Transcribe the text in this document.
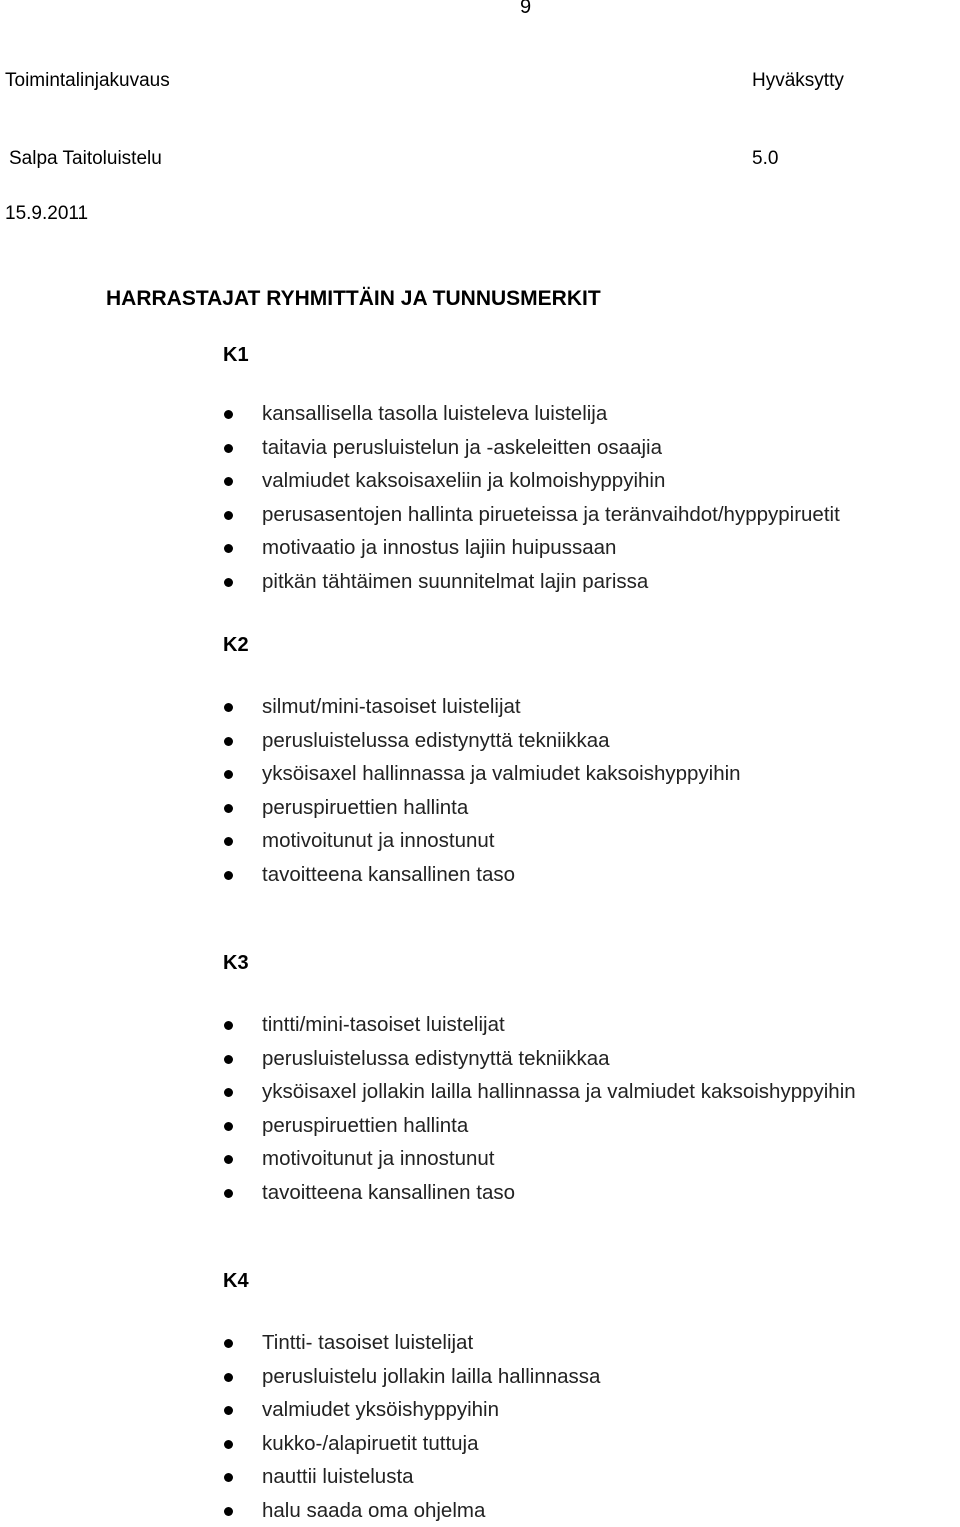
9
Toimintalinjakuvaus	Hyväksytty
Salpa Taitoluistelu	5.0
15.9.2011
HARRASTAJAT RYHMITTÄIN JA TUNNUSMERKIT
K1
kansallisella tasolla luisteleva luistelija
taitavia perusluistelun ja -askeleitten osaajia
valmiudet kaksoisaxeliin ja kolmoishyppyihin
perusasentojen hallinta pirueteissa ja teränvaihdot/hyppypiruetit
motivaatio ja innostus lajiin huipussaan
pitkän tähtäimen suunnitelmat lajin parissa
K2
silmut/mini-tasoiset luistelijat
perusluistelussa edistynyttä tekniikkaa
yksöisaxel hallinnassa ja valmiudet kaksoishyppyihin
peruspiruettien hallinta
motivoitunut ja innostunut
tavoitteena kansallinen taso
K3
tintti/mini-tasoiset luistelijat
perusluistelussa edistynyttä tekniikkaa
yksöisaxel jollakin lailla hallinnassa ja valmiudet kaksoishyppyihin
peruspiruettien hallinta
motivoitunut ja innostunut
tavoitteena kansallinen taso
K4
Tintti- tasoiset luistelijat
perusluistelu jollakin lailla hallinnassa
valmiudet yksöishyppyihin
kukko-/alapiruetit tuttuja
nauttii luistelusta
halu saada oma ohjelma
